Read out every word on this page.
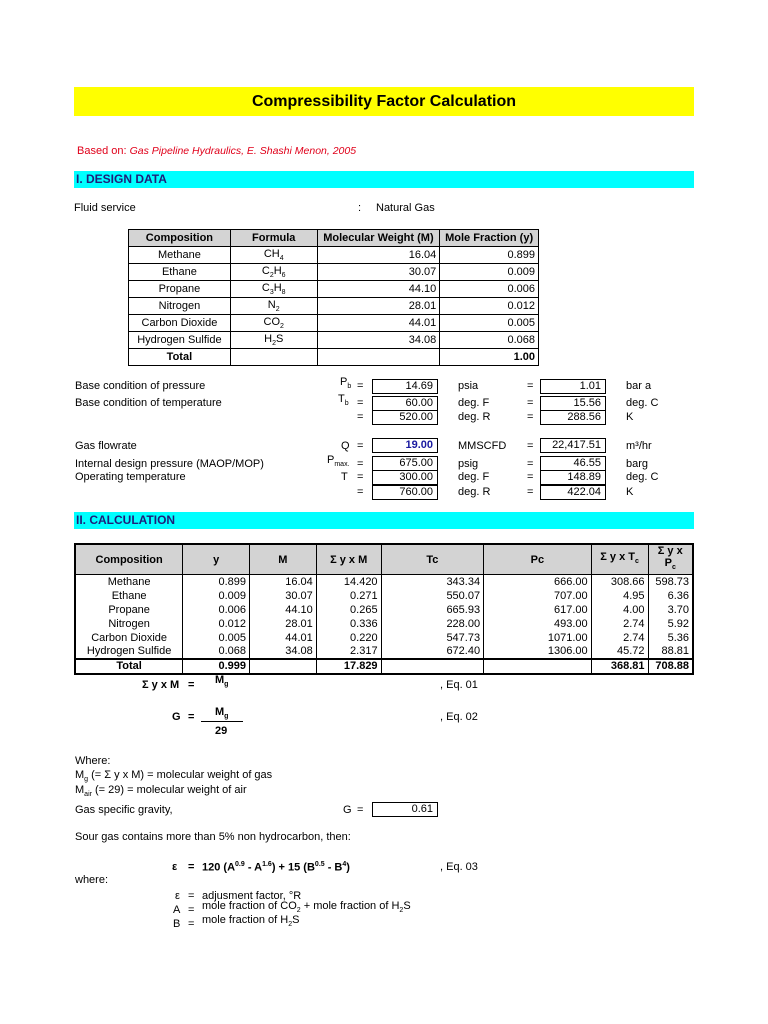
Compressibility Factor Calculation
Based on: Gas Pipeline Hydraulics, E. Shashi Menon, 2005
I. DESIGN DATA
Fluid service	: Natural Gas
Composition	Formula	Molecular Weight (M)	Mole Fraction (y)
Methane	$CH_4$	16.04	0.899
Ethane	$C_2H_6$	30.07	0.009
Propane	$C_3H_8$	44.10	0.006
Nitrogen	$N_2$	28.01	0.012
Carbon Dioxide	$CO_2$	44.01	0.005
Hydrogen Sulfide	$H_2S$	34.08	0.068
Total			1.00
Base condition of pressure	$P_b$ =	14.69	psia	=	1.01	bar a
Base condition of temperature	$T_b$ =	60.00	deg. F	=	15.56	deg. C
=	520.00	deg. R	=	288.56	K
Gas flowrate	Q =	19.00	MMSCFD =	22,417.51	m³/hr
Internal design pressure (MAOP/MOP)	$P_{max.}$ =	675.00	psig	=	46.55	barg
Operating temperature	T =	300.00	deg. F	=	148.89	deg. C
=	760.00	deg. R	=	422.04	K
II. CALCULATION
Composition	y	M	Σ y x M	Tc	Pc	Σ y x $T_c$	Σ y x $P_c$
Methane	0.899	16.04	14.420	343.34	666.00	308.66	598.73
Ethane	0.009	30.07	0.271	550.07	707.00	4.95	6.36
Propane	0.006	44.10	0.265	665.93	617.00	4.00	3.70
Nitrogen	0.012	28.01	0.336	228.00	493.00	2.74	5.92
Carbon Dioxide	0.005	44.01	0.220	547.73	1071.00	2.74	5.36
Hydrogen Sulfide	0.068	34.08	2.317	672.40	1306.00	45.72	88.81
Total	0.999		17.829			368.81	708.88
Σ y x $M = M_g$	, Eq. 01
$G = M_g$
29
, Eq. 02
Where:
$M_g$ (= Σ y x M) = molecular weight of gas
$M_{air}$ (= 29) = molecular weight of air
Gas specific gravity,	G =	0.61
Sour gas contains more than 5% non hydrocarbon, then:
ε = 120 $(A^{0.9} - A^{1.6}) + 15$ $(B^{0.5} - B^4)$	, Eq. 03
where:
ε = adjusment factor, °R
A = mole fraction of $CO_2$ + mole fraction of $H_2S$
B = mole fraction of $H_2S$
